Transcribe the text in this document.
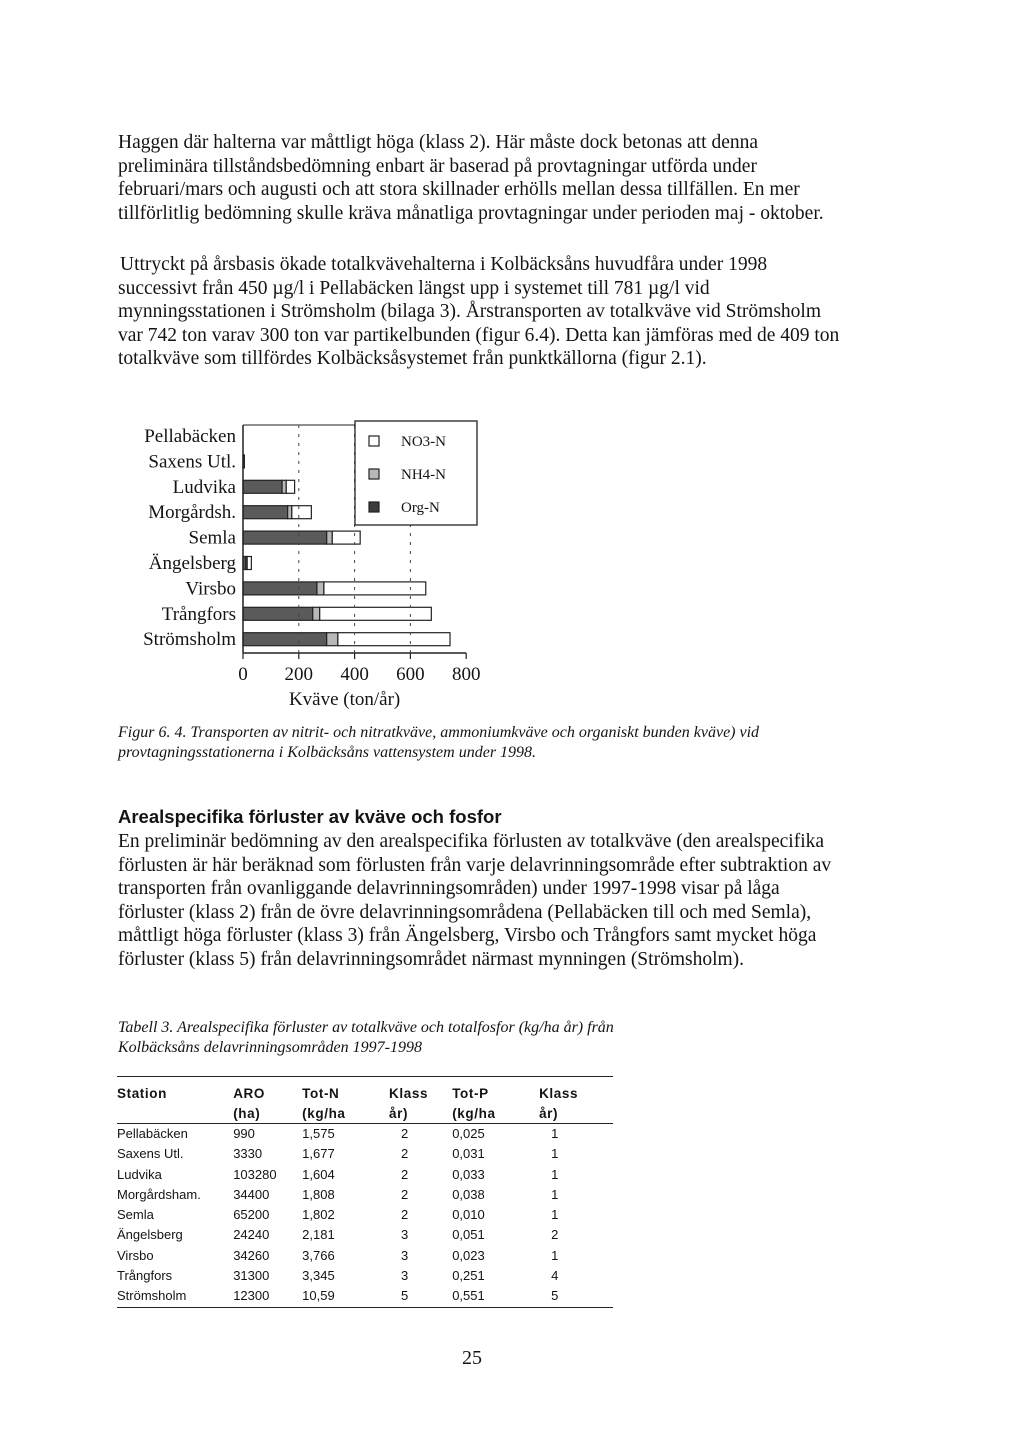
Haggen där halterna var måttligt höga (klass 2). Här måste dock betonas att denna preliminära tillståndsbedömning enbart är baserad på provtagningar utförda under februari/mars och augusti och att stora skillnader erhölls mellan dessa tillfällen. En mer tillförlitlig bedömning skulle kräva månatliga provtagningar under perioden maj - oktober.

Uttryckt på årsbasis ökade totalkvävehalterna i Kolbäcksåns huvudfåra under 1998 successivt från 450 µg/l i Pellabäcken längst upp i systemet till 781 µg/l vid mynningsstationen i Strömsholm (bilaga 3). Årstransporten av totalkväve vid Strömsholm var 742 ton varav 300 ton var partikelbunden (figur 6.4). Detta kan jämföras med de 409 ton totalkväve som tillfördes Kolbäcksåsystemet från punktkällorna (figur 2.1).

Pellabäcken
Saxens Utl.
Ludvika
Morgårdsh.
Semla
Ängelsberg
Virsbo
Trångfors
Strömsholm
0 200 400 600 800
Kväve (ton/år)
NO3-N
NH4-N
Org-N

Figur 6. 4. Transporten av nitrit- och nitratkväve, ammoniumkväve och organiskt bunden kväve) vid provtagningsstationerna i Kolbäcksåns vattensystem under 1998.

Arealspecifika förluster av kväve och fosfor

En preliminär bedömning av den arealspecifika förlusten av totalkväve (den arealspecifika förlusten är här beräknad som förlusten från varje delavrinningsområde efter subtraktion av transporten från ovanliggande delavrinningsområden) under 1997-1998 visar på låga förluster (klass 2) från de övre delavrinningsområdena (Pellabäcken till och med Semla), måttligt höga förluster (klass 3) från Ängelsberg, Virsbo och Trångfors samt mycket höga förluster (klass 5) från delavrinningsområdet närmast mynningen (Strömsholm).

Tabell 3. Arealspecifika förluster av totalkväve och totalfosfor (kg/ha år) från Kolbäcksåns delavrinningsområden 1997-1998

Station	ARO	Tot-N	Klass	Tot-P	Klass
	(ha)	(kg/ha	år)	(kg/ha	år)
Pellabäcken	990	1,575	2	0,025	1
Saxens Utl.	3330	1,677	2	0,031	1
Ludvika	103280	1,604	2	0,033	1
Morgårdsham.	34400	1,808	2	0,038	1
Semla	65200	1,802	2	0,010	1
Ängelsberg	24240	2,181	3	0,051	2
Virsbo	34260	3,766	3	0,023	1
Trångfors	31300	3,345	3	0,251	4
Strömsholm	12300	10,59	5	0,551	5

25
